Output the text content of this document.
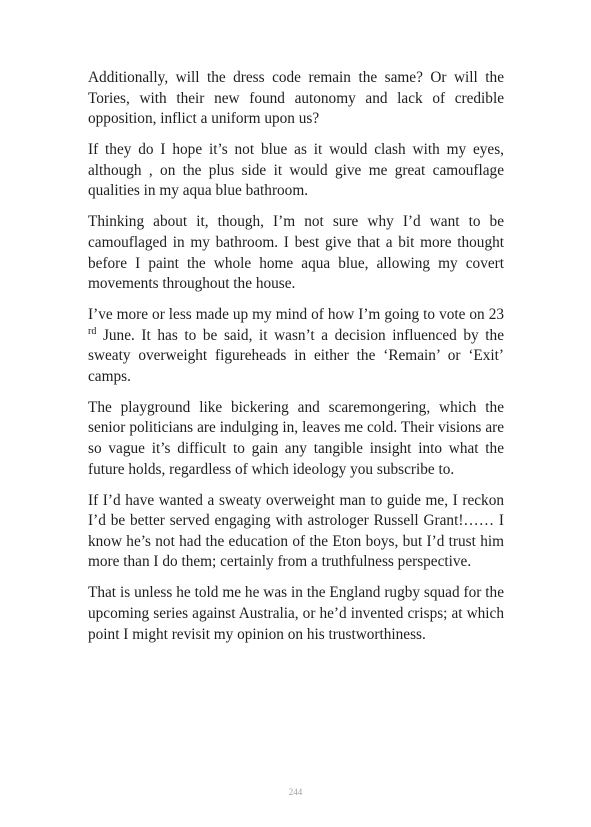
Additionally, will the dress code remain the same? Or will the Tories, with their new found autonomy and lack of credible opposition, inflict a uniform upon us?

If they do I hope it’s not blue as it would clash with my eyes, although , on the plus side it would give me great camouflage qualities in my aqua blue bathroom.

Thinking about it, though, I’m not sure why I’d want to be camouflaged in my bathroom. I best give that a bit more thought before I paint the whole home aqua blue, allowing my covert movements throughout the house.

I’ve more or less made up my mind of how I’m going to vote on 23 $^{rd}$ June. It has to be said, it wasn’t a decision influenced by the sweaty overweight figureheads in either the ‘Remain’ or ‘Exit’ camps.

The playground like bickering and scaremongering, which the senior politicians are indulging in, leaves me cold. Their visions are so vague it’s difficult to gain any tangible insight into what the future holds, regardless of which ideology you subscribe to.

If I’d have wanted a sweaty overweight man to guide me, I reckon I’d be better served engaging with astrologer Russell Grant!…… I know he’s not had the education of the Eton boys, but I’d trust him more than I do them; certainly from a truthfulness perspective.

That is unless he told me he was in the England rugby squad for the upcoming series against Australia, or he’d invented crisps; at which point I might revisit my opinion on his trustworthiness.

244
